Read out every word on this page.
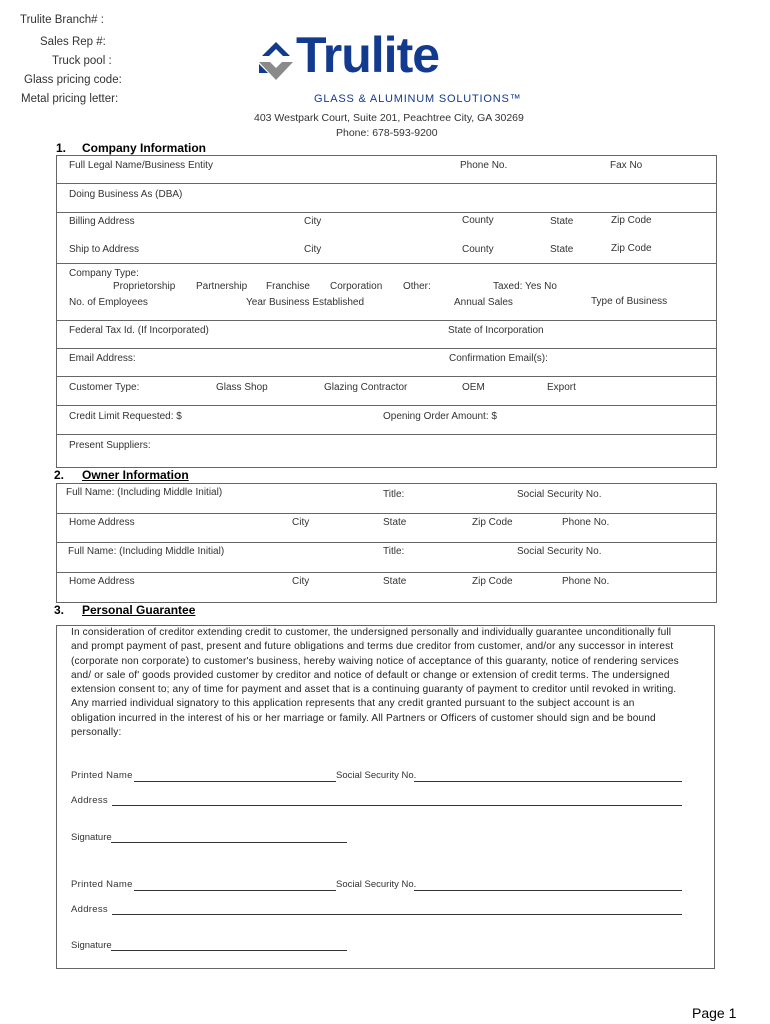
Trulite Branch# :
Sales Rep #:
Truck pool :
Glass pricing code:
Metal pricing letter:
Trulite
GLASS & ALUMINUM SOLUTIONS™
403 Westpark Court, Suite 201, Peachtree City, GA 30269
Phone: 678-593-9200
1. Company Information
Full Legal Name/Business Entity	Phone No.	Fax No
Doing Business As (DBA)
Billing Address	City	County	State	Zip Code
Ship to Address	City	County	State	Zip Code
Company Type:
Proprietorship Partnership Franchise Corporation Other:	Taxed: Yes No
No. of Employees	Year Business Established	Annual Sales	Type of Business
Federal Tax Id. (If Incorporated)	State of Incorporation
Email Address:	Confirmation Email(s):
Customer Type:	Glass Shop	Glazing Contractor	OEM	Export
Credit Limit Requested: $	Opening Order Amount: $
Present Suppliers:
2. Owner Information
Full Name: (Including Middle Initial)	Title:	Social Security No.
Home Address	City	State	Zip Code	Phone No.
Full Name: (Including Middle Initial)	Title:	Social Security No.
Home Address	City	State	Zip Code	Phone No.
3. Personal Guarantee
In consideration of creditor extending credit to customer, the undersigned personally and individually guarantee unconditionally full and prompt payment of past, present and future obligations and terms due creditor from customer, and/or any successor in interest (corporate non corporate) to customer's business, hereby waiving notice of acceptance of this guaranty, notice of rendering services and/ or sale of' goods provided customer by creditor and notice of default or change or extension of credit terms. The undersigned extension consent to; any of time for payment and asset that is a continuing guaranty of payment to creditor until revoked in writing. Any married individual signatory to this application represents that any credit granted pursuant to the subject account is an obligation incurred in the interest of his or her marriage or family. All Partners or Officers of customer should sign and be bound personally:
Printed Name	Social Security No.
Address
Signature
Printed Name	Social Security No.
Address
Signature
Page 1
